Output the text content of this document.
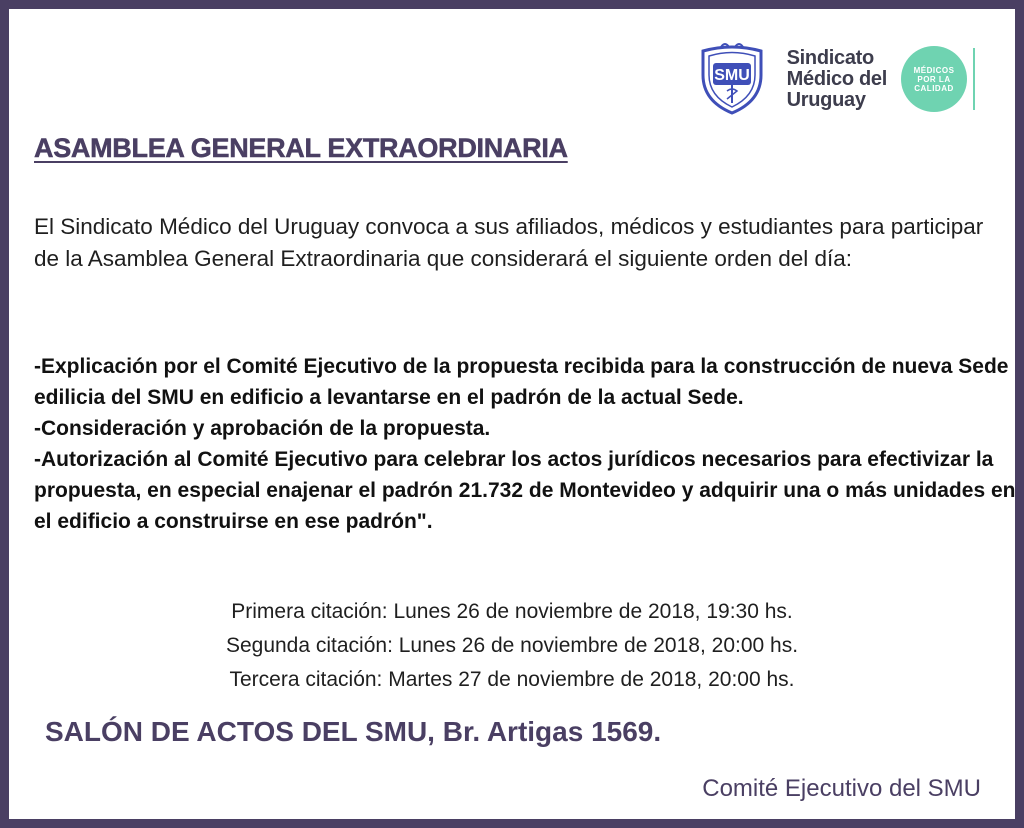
SMU
Sindicato
Médico del
Uruguay
MÉDICOS
POR LA
CALIDAD
ASAMBLEA GENERAL EXTRAORDINARIA
El Sindicato Médico del Uruguay convoca a sus afiliados, médicos y estudiantes para participar de la Asamblea General Extraordinaria que considerará el siguiente orden del día:
-Explicación por el Comité Ejecutivo de la propuesta recibida para la construcción de nueva Sede edilicia del SMU en edificio a levantarse en el padrón de la actual Sede.
-Consideración y aprobación de la propuesta.
-Autorización al Comité Ejecutivo para celebrar los actos jurídicos necesarios para efectivizar la propuesta, en especial enajenar el padrón 21.732 de Montevideo y adquirir una o más unidades en el edificio a construirse en ese padrón".
Primera citación: Lunes 26 de noviembre de 2018, 19:30 hs.
Segunda citación: Lunes 26 de noviembre de 2018, 20:00 hs.
Tercera citación: Martes 27 de noviembre de 2018, 20:00 hs.
SALÓN DE ACTOS DEL SMU, Br. Artigas 1569.
Comité Ejecutivo del SMU
